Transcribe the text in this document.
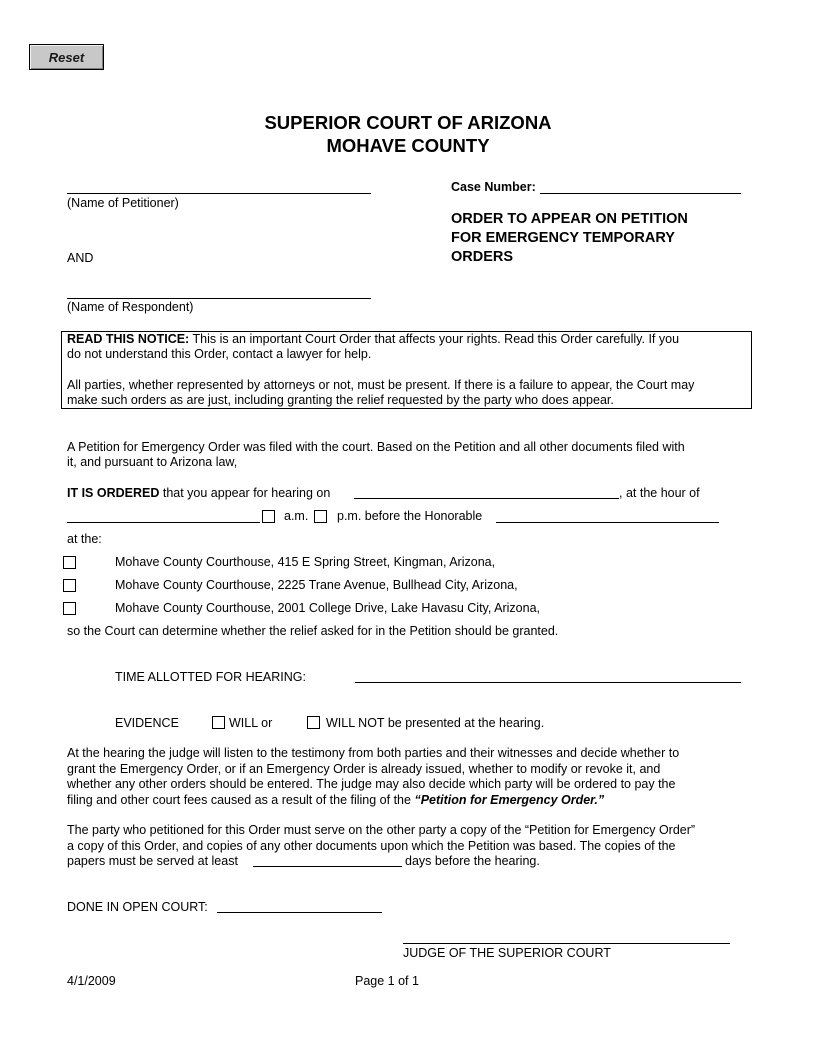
Reset
SUPERIOR COURT OF ARIZONA
MOHAVE COUNTY
(Name of Petitioner)
AND
(Name of Respondent)
Case Number:
ORDER TO APPEAR ON PETITION
FOR EMERGENCY TEMPORARY
ORDERS
READ THIS NOTICE: This is an important Court Order that affects your rights. Read this Order carefully. If you
do not understand this Order, contact a lawyer for help.
All parties, whether represented by attorneys or not, must be present. If there is a failure to appear, the Court may
make such orders as are just, including granting the relief requested by the party who does appear.
A Petition for Emergency Order was filed with the court. Based on the Petition and all other documents filed with
it, and pursuant to Arizona law,
IT IS ORDERED that you appear for hearing on	, at the hour of
a.m. p.m. before the Honorable
at the:
Mohave County Courthouse, 415 E Spring Street, Kingman, Arizona,
Mohave County Courthouse, 2225 Trane Avenue, Bullhead City, Arizona,
Mohave County Courthouse, 2001 College Drive, Lake Havasu City, Arizona,
so the Court can determine whether the relief asked for in the Petition should be granted.
TIME ALLOTTED FOR HEARING:
EVIDENCE	WILL or	WILL NOT be presented at the hearing.
At the hearing the judge will listen to the testimony from both parties and their witnesses and decide whether to
grant the Emergency Order, or if an Emergency Order is already issued, whether to modify or revoke it, and
whether any other orders should be entered. The judge may also decide which party will be ordered to pay the
filing and other court fees caused as a result of the filing of the “Petition for Emergency Order.”
The party who petitioned for this Order must serve on the other party a copy of the “Petition for Emergency Order”
a copy of this Order, and copies of any other documents upon which the Petition was based. The copies of the
papers must be served at least	days before the hearing.
DONE IN OPEN COURT:
JUDGE OF THE SUPERIOR COURT
4/1/2009	Page 1 of 1
